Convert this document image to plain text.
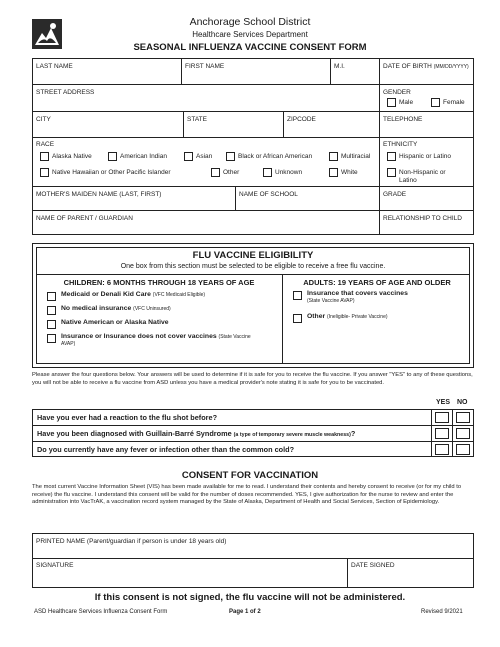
Anchorage School District
Healthcare Services Department
SEASONAL INFLUENZA VACCINE CONSENT FORM
LAST NAME	FIRST NAME	M.I.	DATE OF BIRTH (MM/DD/YYYY)
STREET ADDRESS	GENDER
Male	Female
CITY	STATE	ZIPCODE	TELEPHONE
RACE
Alaska Native	American Indian	Asian	Black or African American	Multiracial
Native Hawaiian or Other Pacific Islander	Other	Unknown	White
ETHNICITY
Hispanic or Latino
Non-Hispanic or
Latino
MOTHER'S MAIDEN NAME (LAST, FIRST)	NAME OF SCHOOL	GRADE
NAME OF PARENT / GUARDIAN	RELATIONSHIP TO CHILD
FLU VACCINE ELIGIBILITY
One box from this section must be selected to be eligible to receive a free flu vaccine.
CHILDREN: 6 MONTHS THROUGH 18 YEARS OF AGE
Medicaid or Denali Kid Care (VFC Medicaid Eligible)
No medical insurance (VFC Uninsured)
Native American or Alaska Native
Insurance or Insurance does not cover vaccines (State Vaccine
AVAP)
ADULTS: 19 YEARS OF AGE AND OLDER
Insurance that covers vaccines
(State Vaccine AVAP)
Other (Ineligible- Private Vaccine)
Please answer the four questions below. Your answers will be used to determine if it is safe for you to receive the flu vaccine. If you answer "YES" to any of these questions, you will not be able to receive a flu vaccine from ASD unless you have a medical provider's note stating it is safe for you to be vaccinated.
YES NO
Have you ever had a reaction to the flu shot before?
Have you been diagnosed with Guillain-Barré Syndrome (a type of temporary severe muscle weakness)?
Do you currently have any fever or infection other than the common cold?
CONSENT FOR VACCINATION
The most current Vaccine Information Sheet (VIS) has been made available for me to read. I understand their contents and hereby consent to receive (or for my child to receive) the flu vaccine. I understand this consent will be valid for the number of doses recommended. YES, I give authorization for the nurse to review and enter the administration into VacTrAK, a vaccination record system managed by the State of Alaska, Department of Health and Social Services, Section of Epidemiology.
PRINTED NAME (Parent/guardian if person is under 18 years old)
SIGNATURE	DATE SIGNED
If this consent is not signed, the flu vaccine will not be administered.
ASD Healthcare Services Influenza Consent Form	Page 1 of 2	Revised 9/2021
